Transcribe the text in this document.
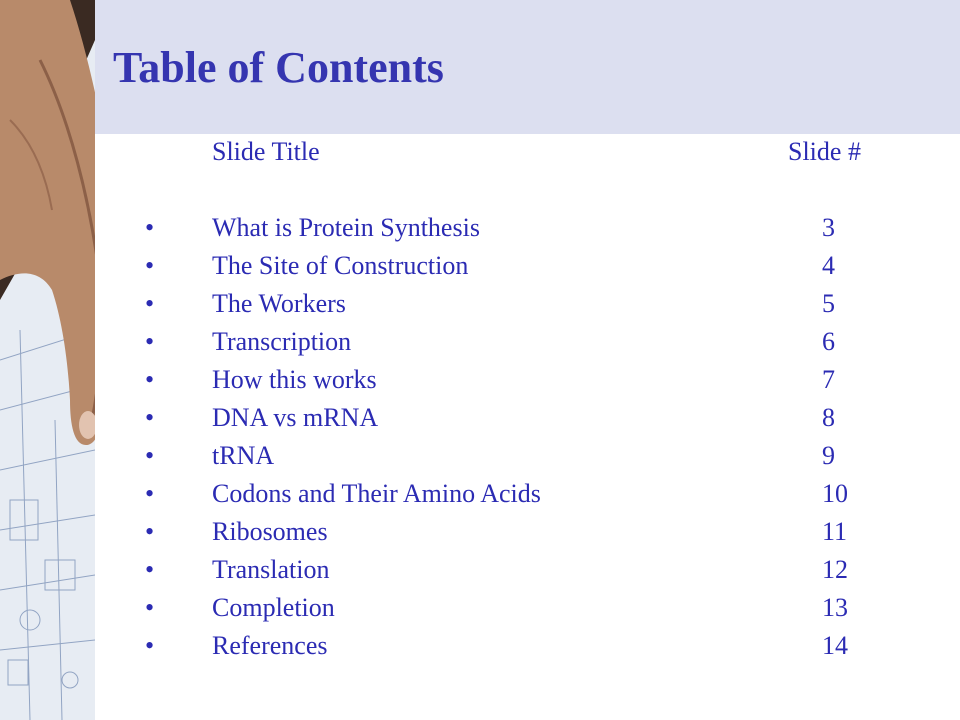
Table of Contents
Slide Title	Slide #
• What is Protein Synthesis	3
• The Site of Construction	4
• The Workers	5
• Transcription	6
• How this works	7
• DNA vs mRNA	8
• tRNA	9
• Codons and Their Amino Acids	10
• Ribosomes	11
• Translation	12
• Completion	13
• References	14
